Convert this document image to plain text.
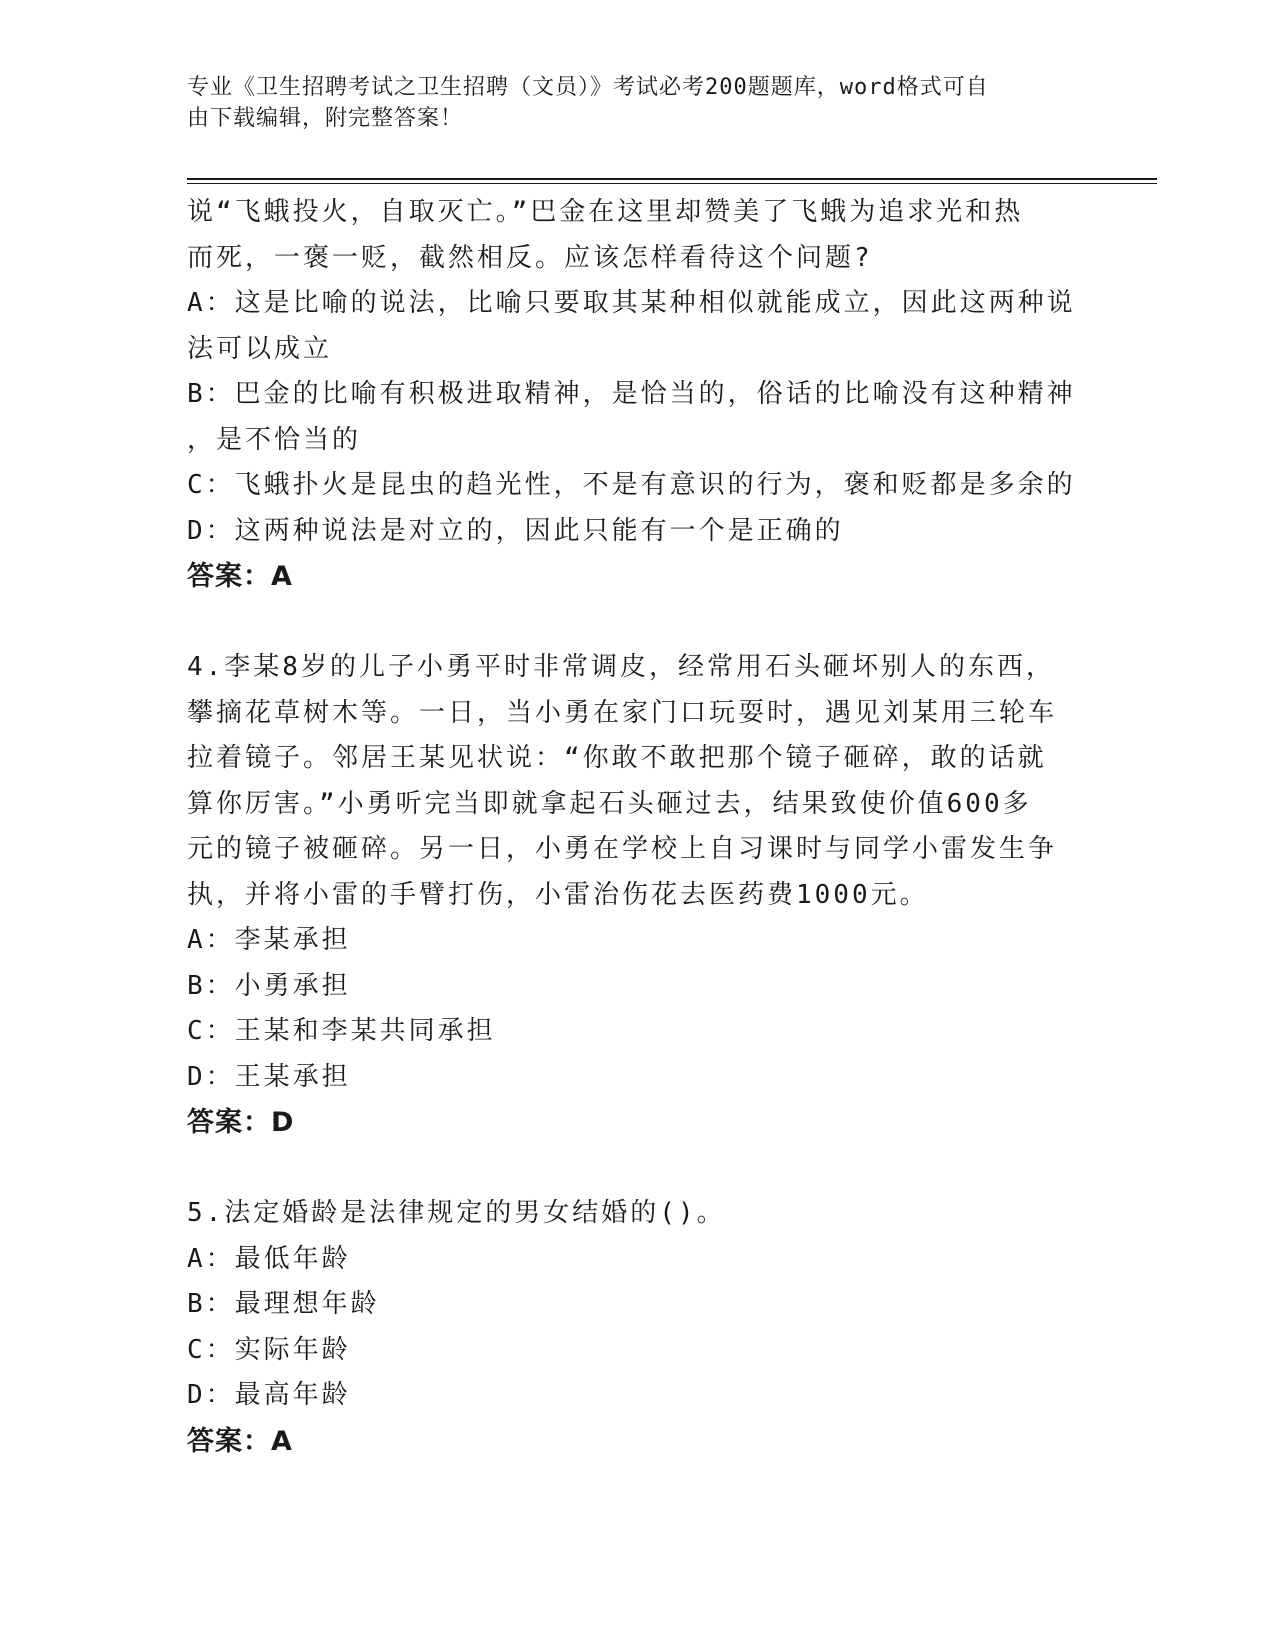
专业《卫生招聘考试之卫生招聘（文员）》考试必考200题题库，word格式可自
由下载编辑，附完整答案！
说“飞蛾投火，自取灭亡。”巴金在这里却赞美了飞蛾为追求光和热
而死，一褒一贬，截然相反。应该怎样看待这个问题?
A：这是比喻的说法，比喻只要取其某种相似就能成立，因此这两种说
法可以成立
B：巴金的比喻有积极进取精神，是恰当的，俗话的比喻没有这种精神
，是不恰当的
C：飞蛾扑火是昆虫的趋光性，不是有意识的行为，褒和贬都是多余的
D：这两种说法是对立的，因此只能有一个是正确的
答案：A
4.李某8岁的儿子小勇平时非常调皮，经常用石头砸坏别人的东西，
攀摘花草树木等。一日，当小勇在家门口玩耍时，遇见刘某用三轮车
拉着镜子。邻居王某见状说：“你敢不敢把那个镜子砸碎，敢的话就
算你厉害。”小勇听完当即就拿起石头砸过去，结果致使价值600多
元的镜子被砸碎。另一日，小勇在学校上自习课时与同学小雷发生争
执，并将小雷的手臂打伤，小雷治伤花去医药费1000元。
A：李某承担
B：小勇承担
C：王某和李某共同承担
D：王某承担
答案：D
5.法定婚龄是法律规定的男女结婚的()。
A：最低年龄
B：最理想年龄
C：实际年龄
D：最高年龄
答案：A
